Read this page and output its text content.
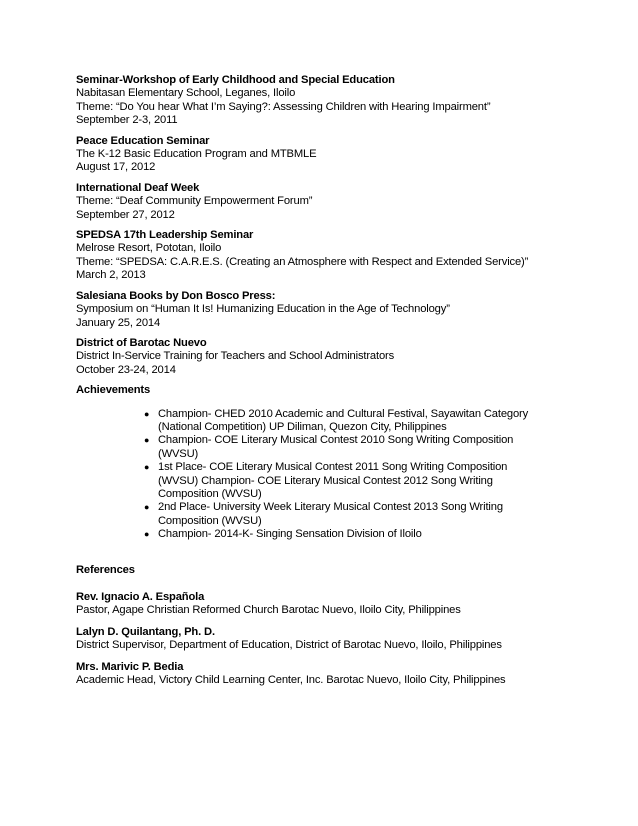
Seminar-Workshop of Early Childhood and Special Education
Nabitasan Elementary School, Leganes, Iloilo
Theme: “Do You hear What I’m Saying?: Assessing Children with Hearing Impairment”
September 2-3, 2011
Peace Education Seminar
The K-12 Basic Education Program and MTBMLE
August 17, 2012
International Deaf Week
Theme: “Deaf Community Empowerment Forum”
September 27, 2012
SPEDSA 17th Leadership Seminar
Melrose Resort, Pototan, Iloilo
Theme: “SPEDSA: C.A.R.E.S. (Creating an Atmosphere with Respect and Extended Service)”
March 2, 2013
Salesiana Books by Don Bosco Press:
Symposium on “Human It Is! Humanizing Education in the Age of Technology”
January 25, 2014
District of Barotac Nuevo
District In-Service Training for Teachers and School Administrators
October 23-24, 2014
Achievements
● Champion- CHED 2010 Academic and Cultural Festival, Sayawitan Category (National Competition) UP Diliman, Quezon City, Philippines
● Champion- COE Literary Musical Contest 2010 Song Writing Composition (WVSU)
● 1st Place- COE Literary Musical Contest 2011 Song Writing Composition (WVSU) Champion- COE Literary Musical Contest 2012 Song Writing Composition (WVSU)
● 2nd Place- University Week Literary Musical Contest 2013 Song Writing Composition (WVSU)
● Champion- 2014-K- Singing Sensation Division of Iloilo
References
Rev. Ignacio A. Española
Pastor, Agape Christian Reformed Church Barotac Nuevo, Iloilo City, Philippines
Lalyn D. Quilantang, Ph. D.
District Supervisor, Department of Education, District of Barotac Nuevo, Iloilo, Philippines
Mrs. Marivic P. Bedia
Academic Head, Victory Child Learning Center, Inc. Barotac Nuevo, Iloilo City, Philippines
